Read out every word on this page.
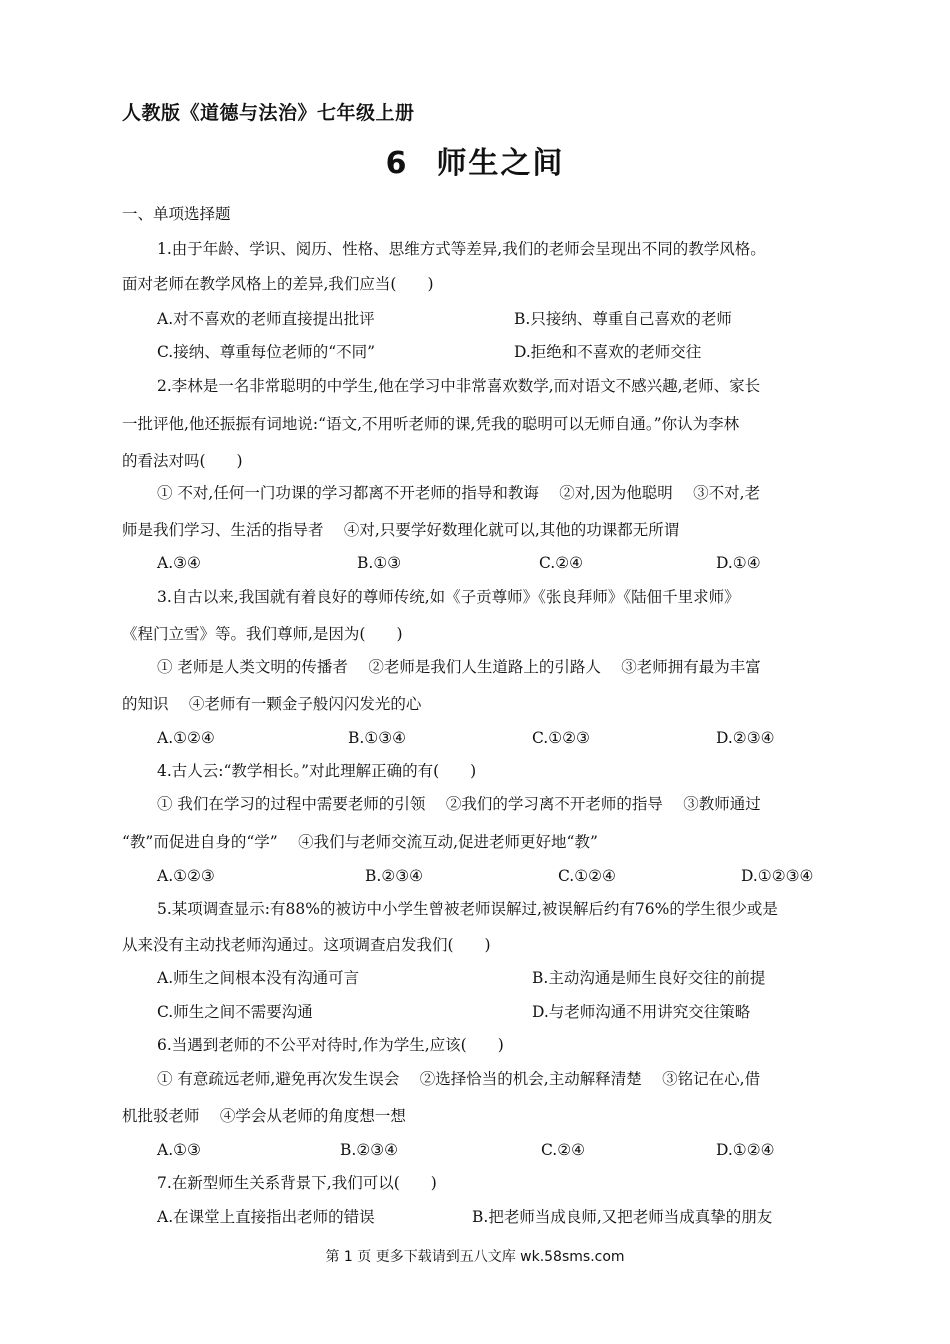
人教版《道德与法治》七年级上册
6 师生之间
一、单项选择题
1.由于年龄、学识、阅历、性格、思维方式等差异,我们的老师会呈现出不同的教学风格。
面对老师在教学风格上的差异,我们应当(　　)
A.对不喜欢的老师直接提出批评	B.只接纳、尊重自己喜欢的老师
C.接纳、尊重每位老师的“不同”	D.拒绝和不喜欢的老师交往
2.李林是一名非常聪明的中学生,他在学习中非常喜欢数学,而对语文不感兴趣,老师、家长
一批评他,他还振振有词地说:“语文,不用听老师的课,凭我的聪明可以无师自通。”你认为李林
的看法对吗(　　)
① 不对,任何一门功课的学习都离不开老师的指导和教诲　 ②对,因为他聪明　 ③不对,老
师是我们学习、生活的指导者　 ④对,只要学好数理化就可以,其他的功课都无所谓
A.③④	B.①③	C.②④	D.①④
3.自古以来,我国就有着良好的尊师传统,如《子贡尊师》《张良拜师》《陆佃千里求师》
《程门立雪》等。我们尊师,是因为(　　)
① 老师是人类文明的传播者　 ②老师是我们人生道路上的引路人　 ③老师拥有最为丰富
的知识　 ④老师有一颗金子般闪闪发光的心
A.①②④	B.①③④	C.①②③	D.②③④
4.古人云:“教学相长。”对此理解正确的有(　　)
① 我们在学习的过程中需要老师的引领　 ②我们的学习离不开老师的指导　 ③教师通过
“教”而促进自身的“学”　 ④我们与老师交流互动,促进老师更好地“教”
A.①②③	B.②③④	C.①②④	D.①②③④
5.某项调查显示:有88%的被访中小学生曾被老师误解过,被误解后约有76%的学生很少或是
从来没有主动找老师沟通过。这项调查启发我们(　　)
A.师生之间根本没有沟通可言	B.主动沟通是师生良好交往的前提
C.师生之间不需要沟通	D.与老师沟通不用讲究交往策略
6.当遇到老师的不公平对待时,作为学生,应该(　　)
① 有意疏远老师,避免再次发生误会　 ②选择恰当的机会,主动解释清楚　 ③铭记在心,借
机批驳老师　 ④学会从老师的角度想一想
A.①③	B.②③④	C.②④	D.①②④
7.在新型师生关系背景下,我们可以(　　)
A.在课堂上直接指出老师的错误	B.把老师当成良师,又把老师当成真挚的朋友
第 1 页 更多下载请到五八文库 wk.58sms.com
